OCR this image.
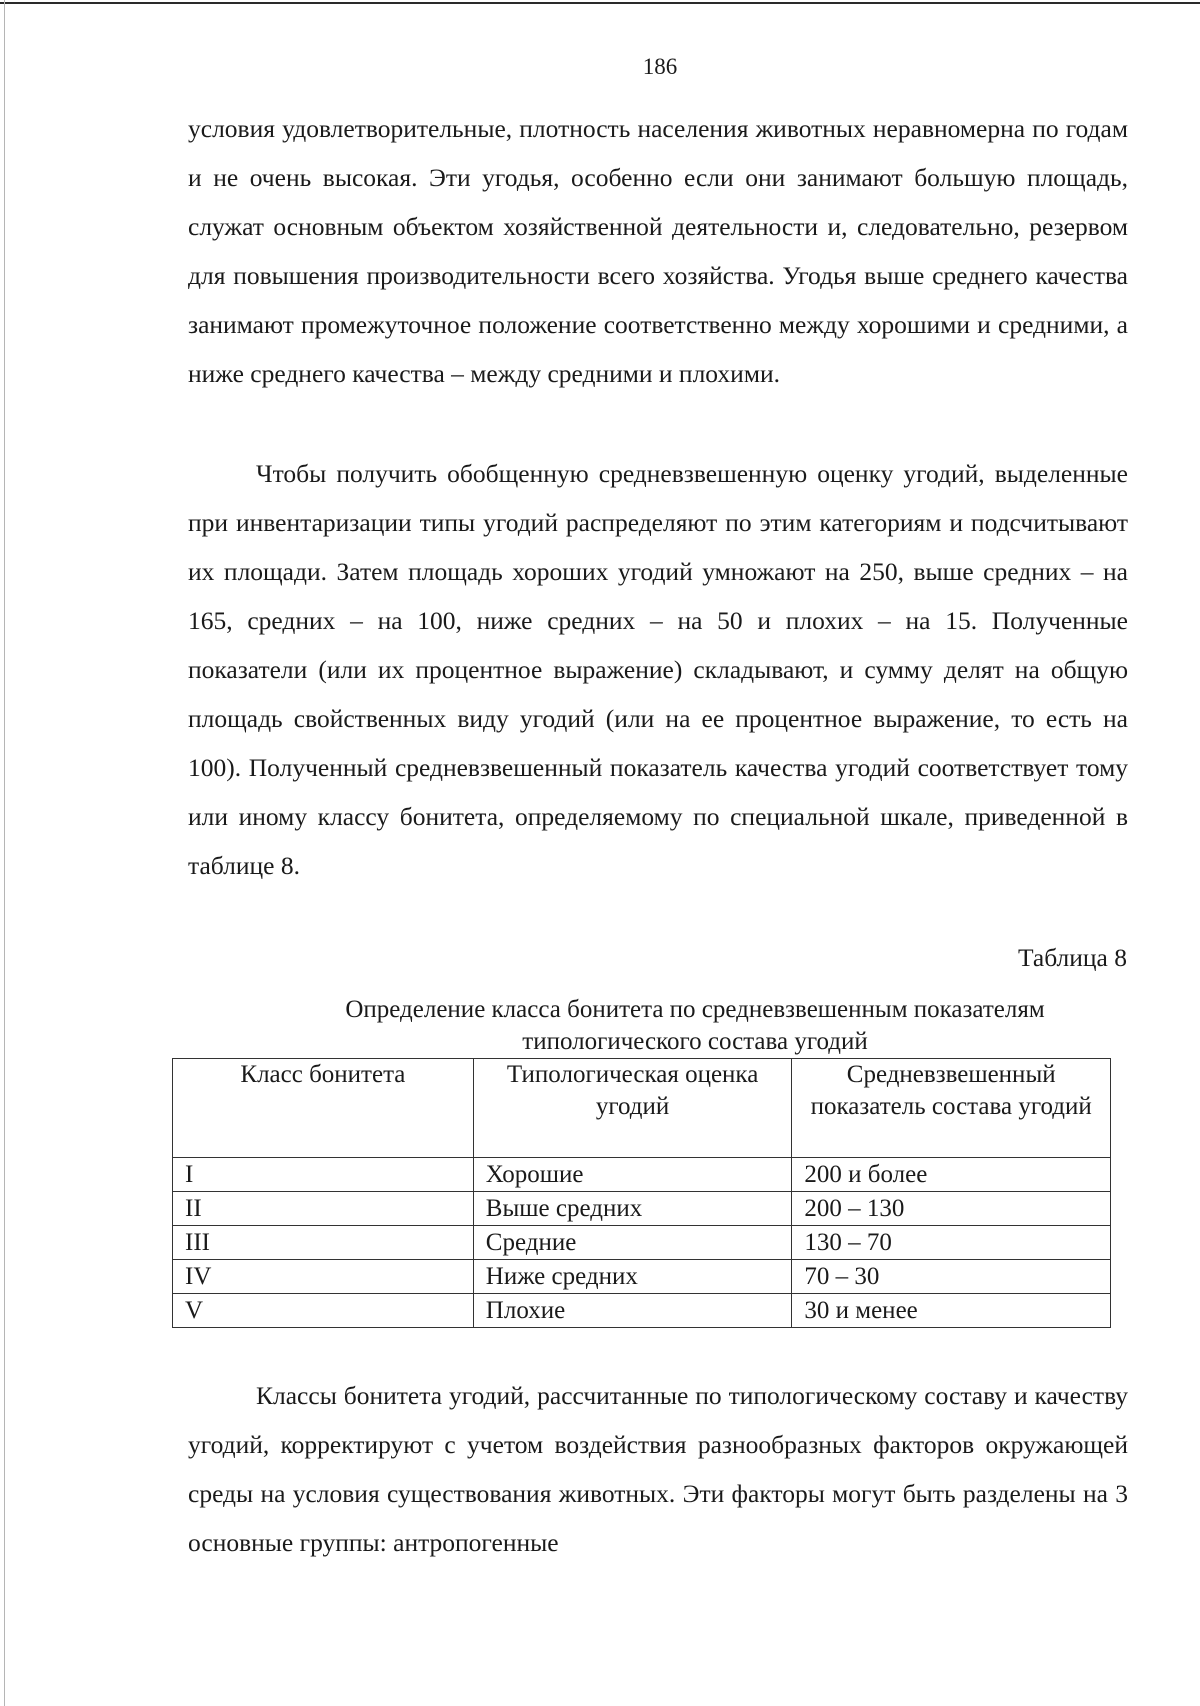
186

условия удовлетворительные, плотность населения животных неравномерна по годам и не очень высокая. Эти угодья, особенно если они занимают большую площадь, служат основным объектом хозяйственной деятельности и, следовательно, резервом для повышения производительности всего хозяйства. Угодья выше среднего качества занимают промежуточное положение соответственно между хорошими и средними, а ниже среднего качества – между средними и плохими.

Чтобы получить обобщенную средневзвешенную оценку угодий, выделенные при инвентаризации типы угодий распределяют по этим категориям и подсчитывают их площади. Затем площадь хороших угодий умножают на 250, выше средних – на 165, средних – на 100, ниже средних – на 50 и плохих – на 15. Полученные показатели (или их процентное выражение) складывают, и сумму делят на общую площадь свойственных виду угодий (или на ее процентное выражение, то есть на 100). Полученный средневзвешенный показатель качества угодий соответствует тому или иному классу бонитета, определяемому по специальной шкале, приведенной в таблице 8.

Таблица 8
Определение класса бонитета по средневзвешенным показателям типологического состава угодий
Класс бонитета	Типологическая оценка угодий	Средневзвешенный показатель состава угодий
I	Хорошие	200 и более
II	Выше средних	200 – 130
III	Средние	130 – 70
IV	Ниже средних	70 – 30
V	Плохие	30 и менее

Классы бонитета угодий, рассчитанные по типологическому составу и качеству угодий, корректируют с учетом воздействия разнообразных факторов окружающей среды на условия существования животных. Эти факторы могут быть разделены на 3 основные группы: антропогенные
